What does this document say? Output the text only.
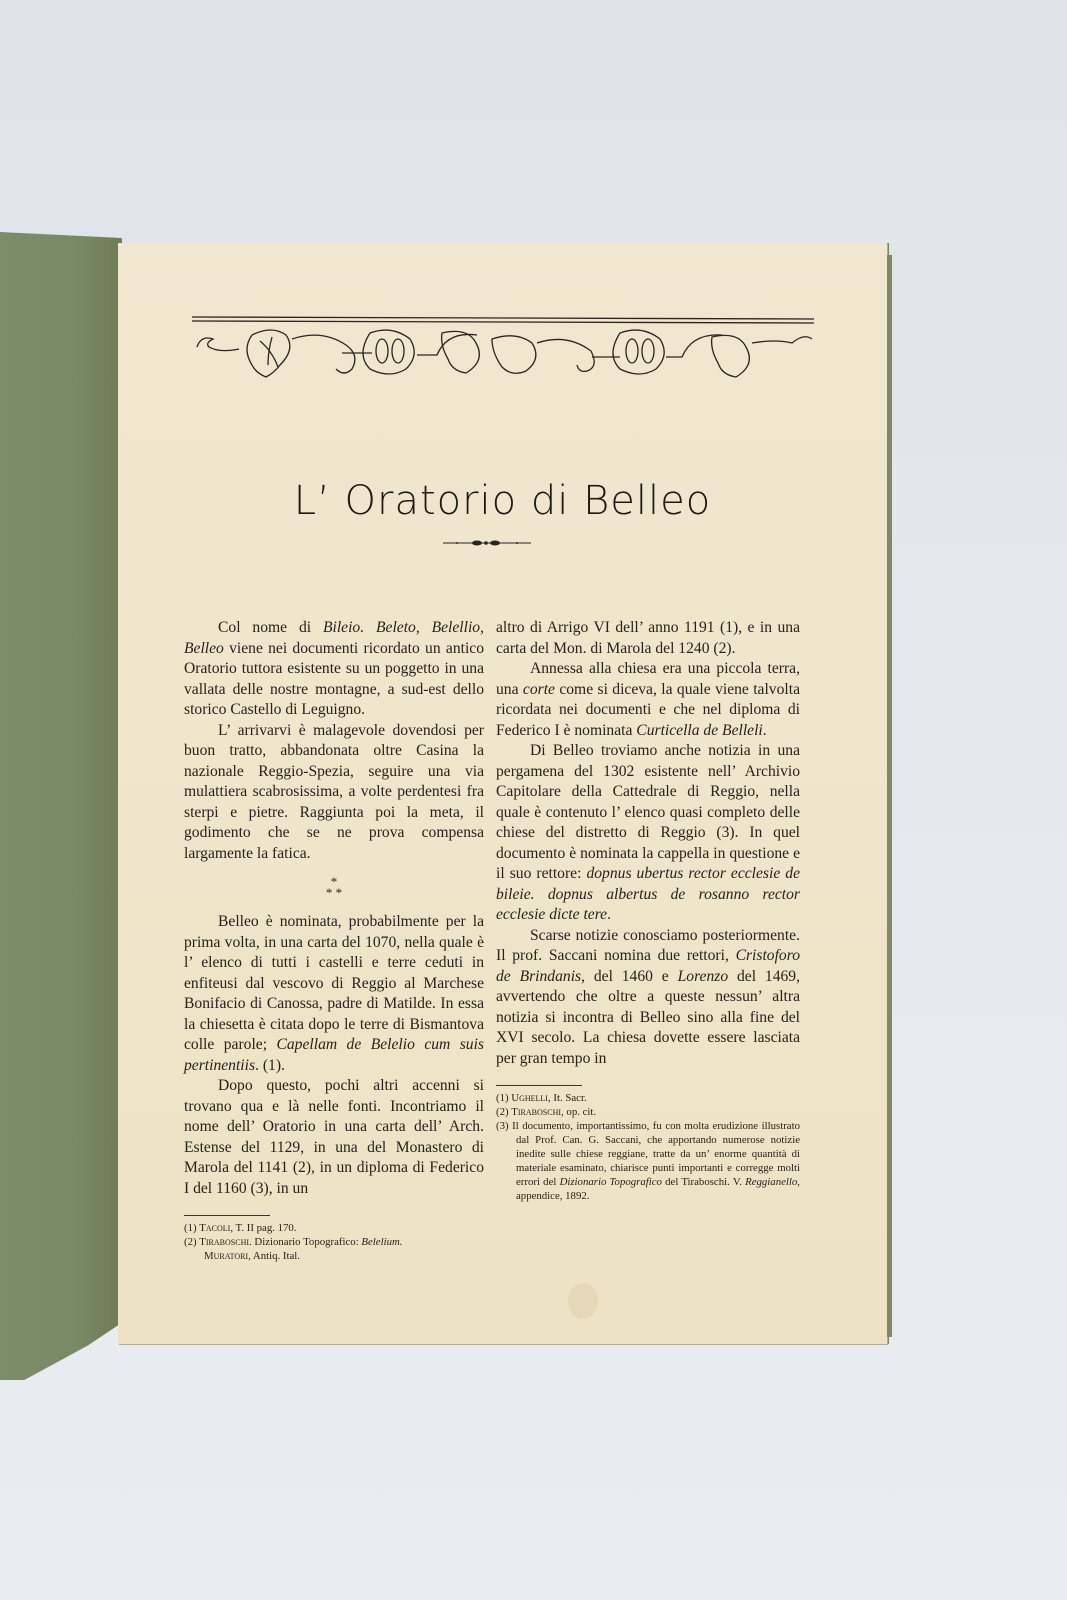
L’ Oratorio di Belleo

Col nome di Bileio. Beleto, Belellio, Belleo viene nei documenti ricordato un antico Oratorio tuttora esistente su un poggetto in una vallata delle nostre montagne, a sud-est dello storico Castello di Leguigno.

L’ arrivarvi è malagevole dovendosi per buon tratto, abbandonata oltre Casina la nazionale Reggio-Spezia, seguire una via mulattiera scabrosissima, a volte perdentesi fra sterpi e pietre. Raggiunta poi la meta, il godimento che se ne prova compensa largamente la fatica.

*
* *

Belleo è nominata, probabilmente per la prima volta, in una carta del 1070, nella quale è l’ elenco di tutti i castelli e terre ceduti in enfiteusi dal vescovo di Reggio al Marchese Bonifacio di Canossa, padre di Matilde. In essa la chiesetta è citata dopo le terre di Bismantova colle parole; Capellam de Belelio cum suis pertinentiis. (1).

Dopo questo, pochi altri accenni si trovano qua e là nelle fonti. Incontriamo il nome dell’ Oratorio in una carta dell’ Arch. Estense del 1129, in una del Monastero di Marola del 1141 (2), in un diploma di Federico I del 1160 (3), in un

(1) Tacoli, T. II pag. 170.
(2) Tiraboschi. Dizionario Topografico: Belelium.
Muratori, Antiq. Ital.

altro di Arrigo VI dell’ anno 1191 (1), e in una carta del Mon. di Marola del 1240 (2).

Annessa alla chiesa era una piccola terra, una corte come si diceva, la quale viene talvolta ricordata nei documenti e che nel diploma di Federico I è nominata Curticella de Belleli.

Di Belleo troviamo anche notizia in una pergamena del 1302 esistente nell’ Archivio Capitolare della Cattedrale di Reggio, nella quale è contenuto l’ elenco quasi completo delle chiese del distretto di Reggio (3). In quel documento è nominata la cappella in questione e il suo rettore: dopnus ubertus rector ecclesie de bileie. dopnus albertus de rosanno rector ecclesie dicte tere.

Scarse notizie conosciamo posteriormente. Il prof. Saccani nomina due rettori, Cristoforo de Brindanis, del 1460 e Lorenzo del 1469, avvertendo che oltre a queste nessun’ altra notizia si incontra di Belleo sino alla fine del XVI secolo. La chiesa dovette essere lasciata per gran tempo in

(1) Ughelli, It. Sacr.
(2) Tiraboschi, op. cit.
(3) Il documento, importantissimo, fu con molta erudizione illustrato dal Prof. Can. G. Saccani, che apportando numerose notizie inedite sulle chiese reggiane, tratte da un’ enorme quantità di materiale esaminato, chiarisce punti importanti e corregge molti errori del Dizionario Topografico del Tiraboschi. V. Reggianello, appendice, 1892.
